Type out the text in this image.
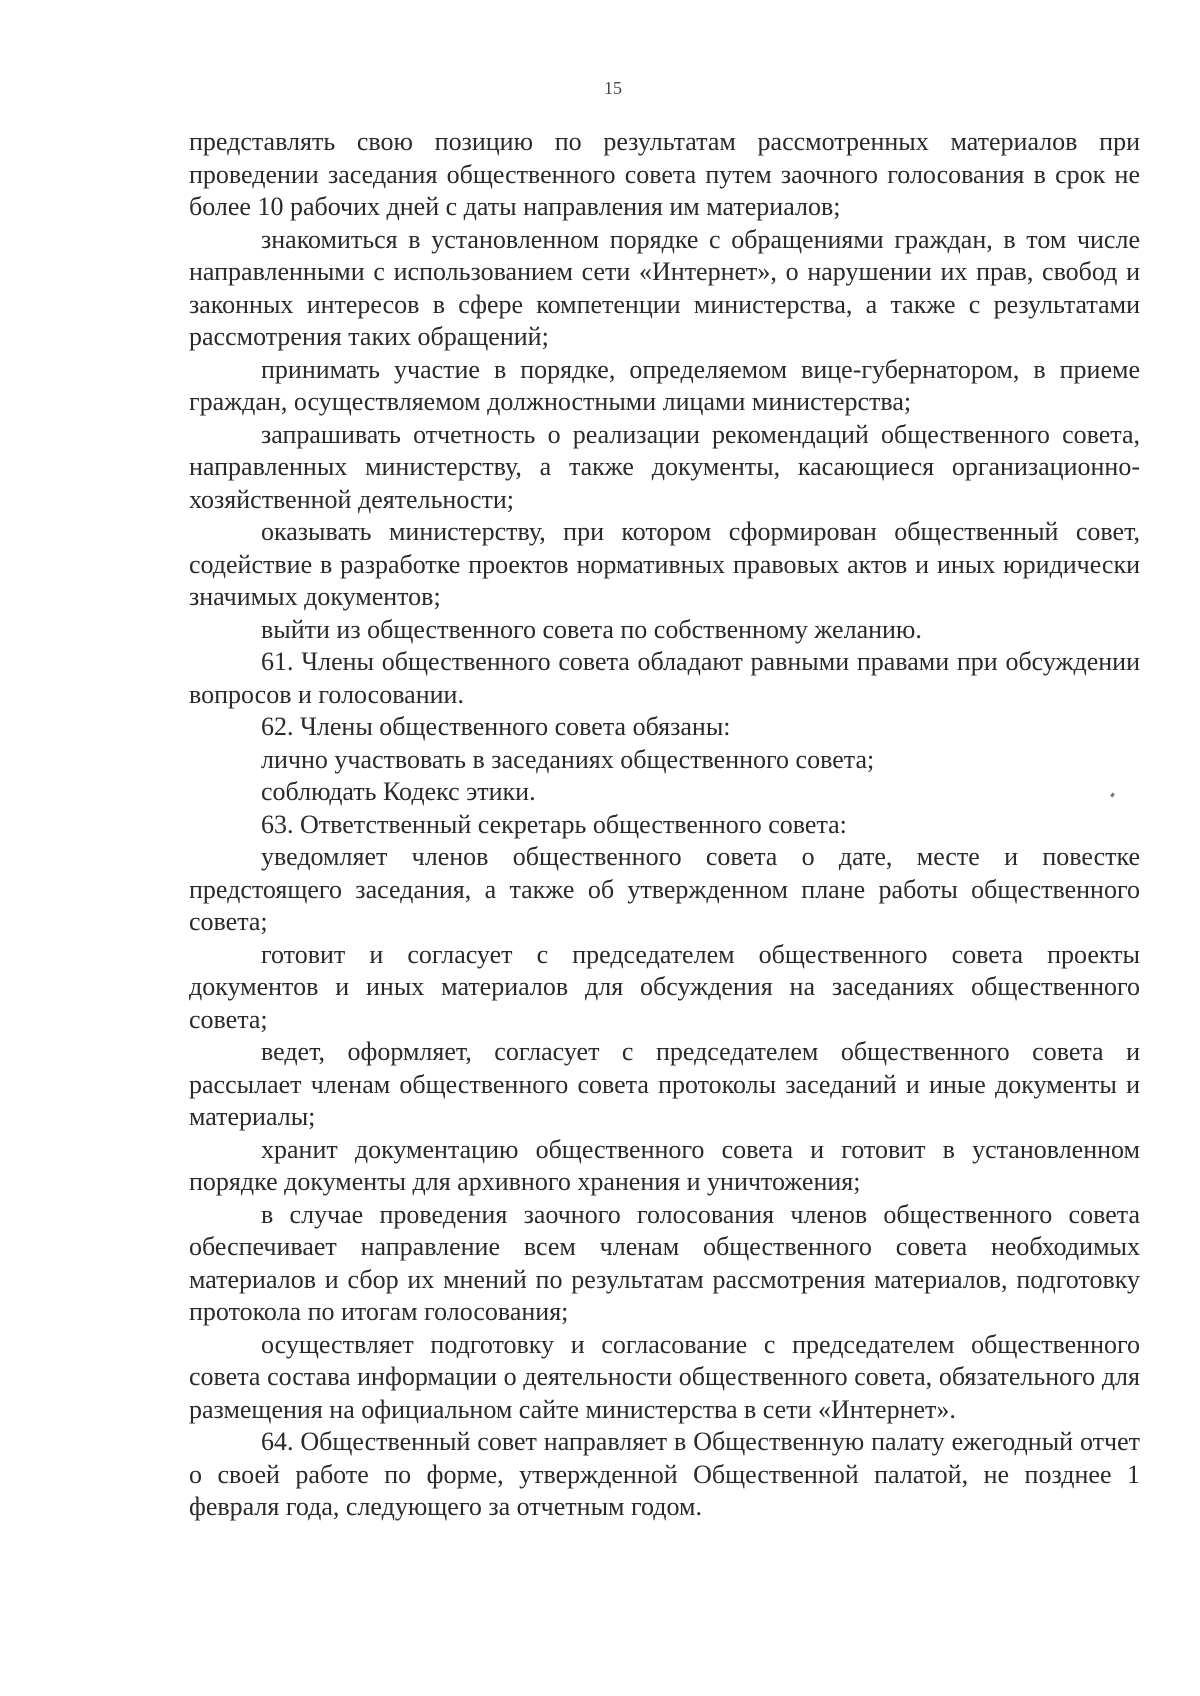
15

представлять свою позицию по результатам рассмотренных материалов при проведении заседания общественного совета путем заочного голосования в срок не более 10 рабочих дней с даты направления им материалов;

знакомиться в установленном порядке с обращениями граждан, в том числе направленными с использованием сети «Интернет», о нарушении их прав, свобод и законных интересов в сфере компетенции министерства, а также с результатами рассмотрения таких обращений;

принимать участие в порядке, определяемом вице-губернатором, в приеме граждан, осуществляемом должностными лицами министерства;

запрашивать отчетность о реализации рекомендаций общественного совета, направленных министерству, а также документы, касающиеся организационно-хозяйственной деятельности;

оказывать министерству, при котором сформирован общественный совет, содействие в разработке проектов нормативных правовых актов и иных юридически значимых документов;

выйти из общественного совета по собственному желанию.

61. Члены общественного совета обладают равными правами при обсуждении вопросов и голосовании.

62. Члены общественного совета обязаны:

лично участвовать в заседаниях общественного совета;

соблюдать Кодекс этики.

63. Ответственный секретарь общественного совета:

уведомляет членов общественного совета о дате, месте и повестке предстоящего заседания, а также об утвержденном плане работы общественного совета;

готовит и согласует с председателем общественного совета проекты документов и иных материалов для обсуждения на заседаниях общественного совета;

ведет, оформляет, согласует с председателем общественного совета и рассылает членам общественного совета протоколы заседаний и иные документы и материалы;

хранит документацию общественного совета и готовит в установленном порядке документы для архивного хранения и уничтожения;

в случае проведения заочного голосования членов общественного совета обеспечивает направление всем членам общественного совета необходимых материалов и сбор их мнений по результатам рассмотрения материалов, подготовку протокола по итогам голосования;

осуществляет подготовку и согласование с председателем общественного совета состава информации о деятельности общественного совета, обязательного для размещения на официальном сайте министерства в сети «Интернет».

64. Общественный совет направляет в Общественную палату ежегодный отчет о своей работе по форме, утвержденной Общественной палатой, не позднее 1 февраля года, следующего за отчетным годом.
